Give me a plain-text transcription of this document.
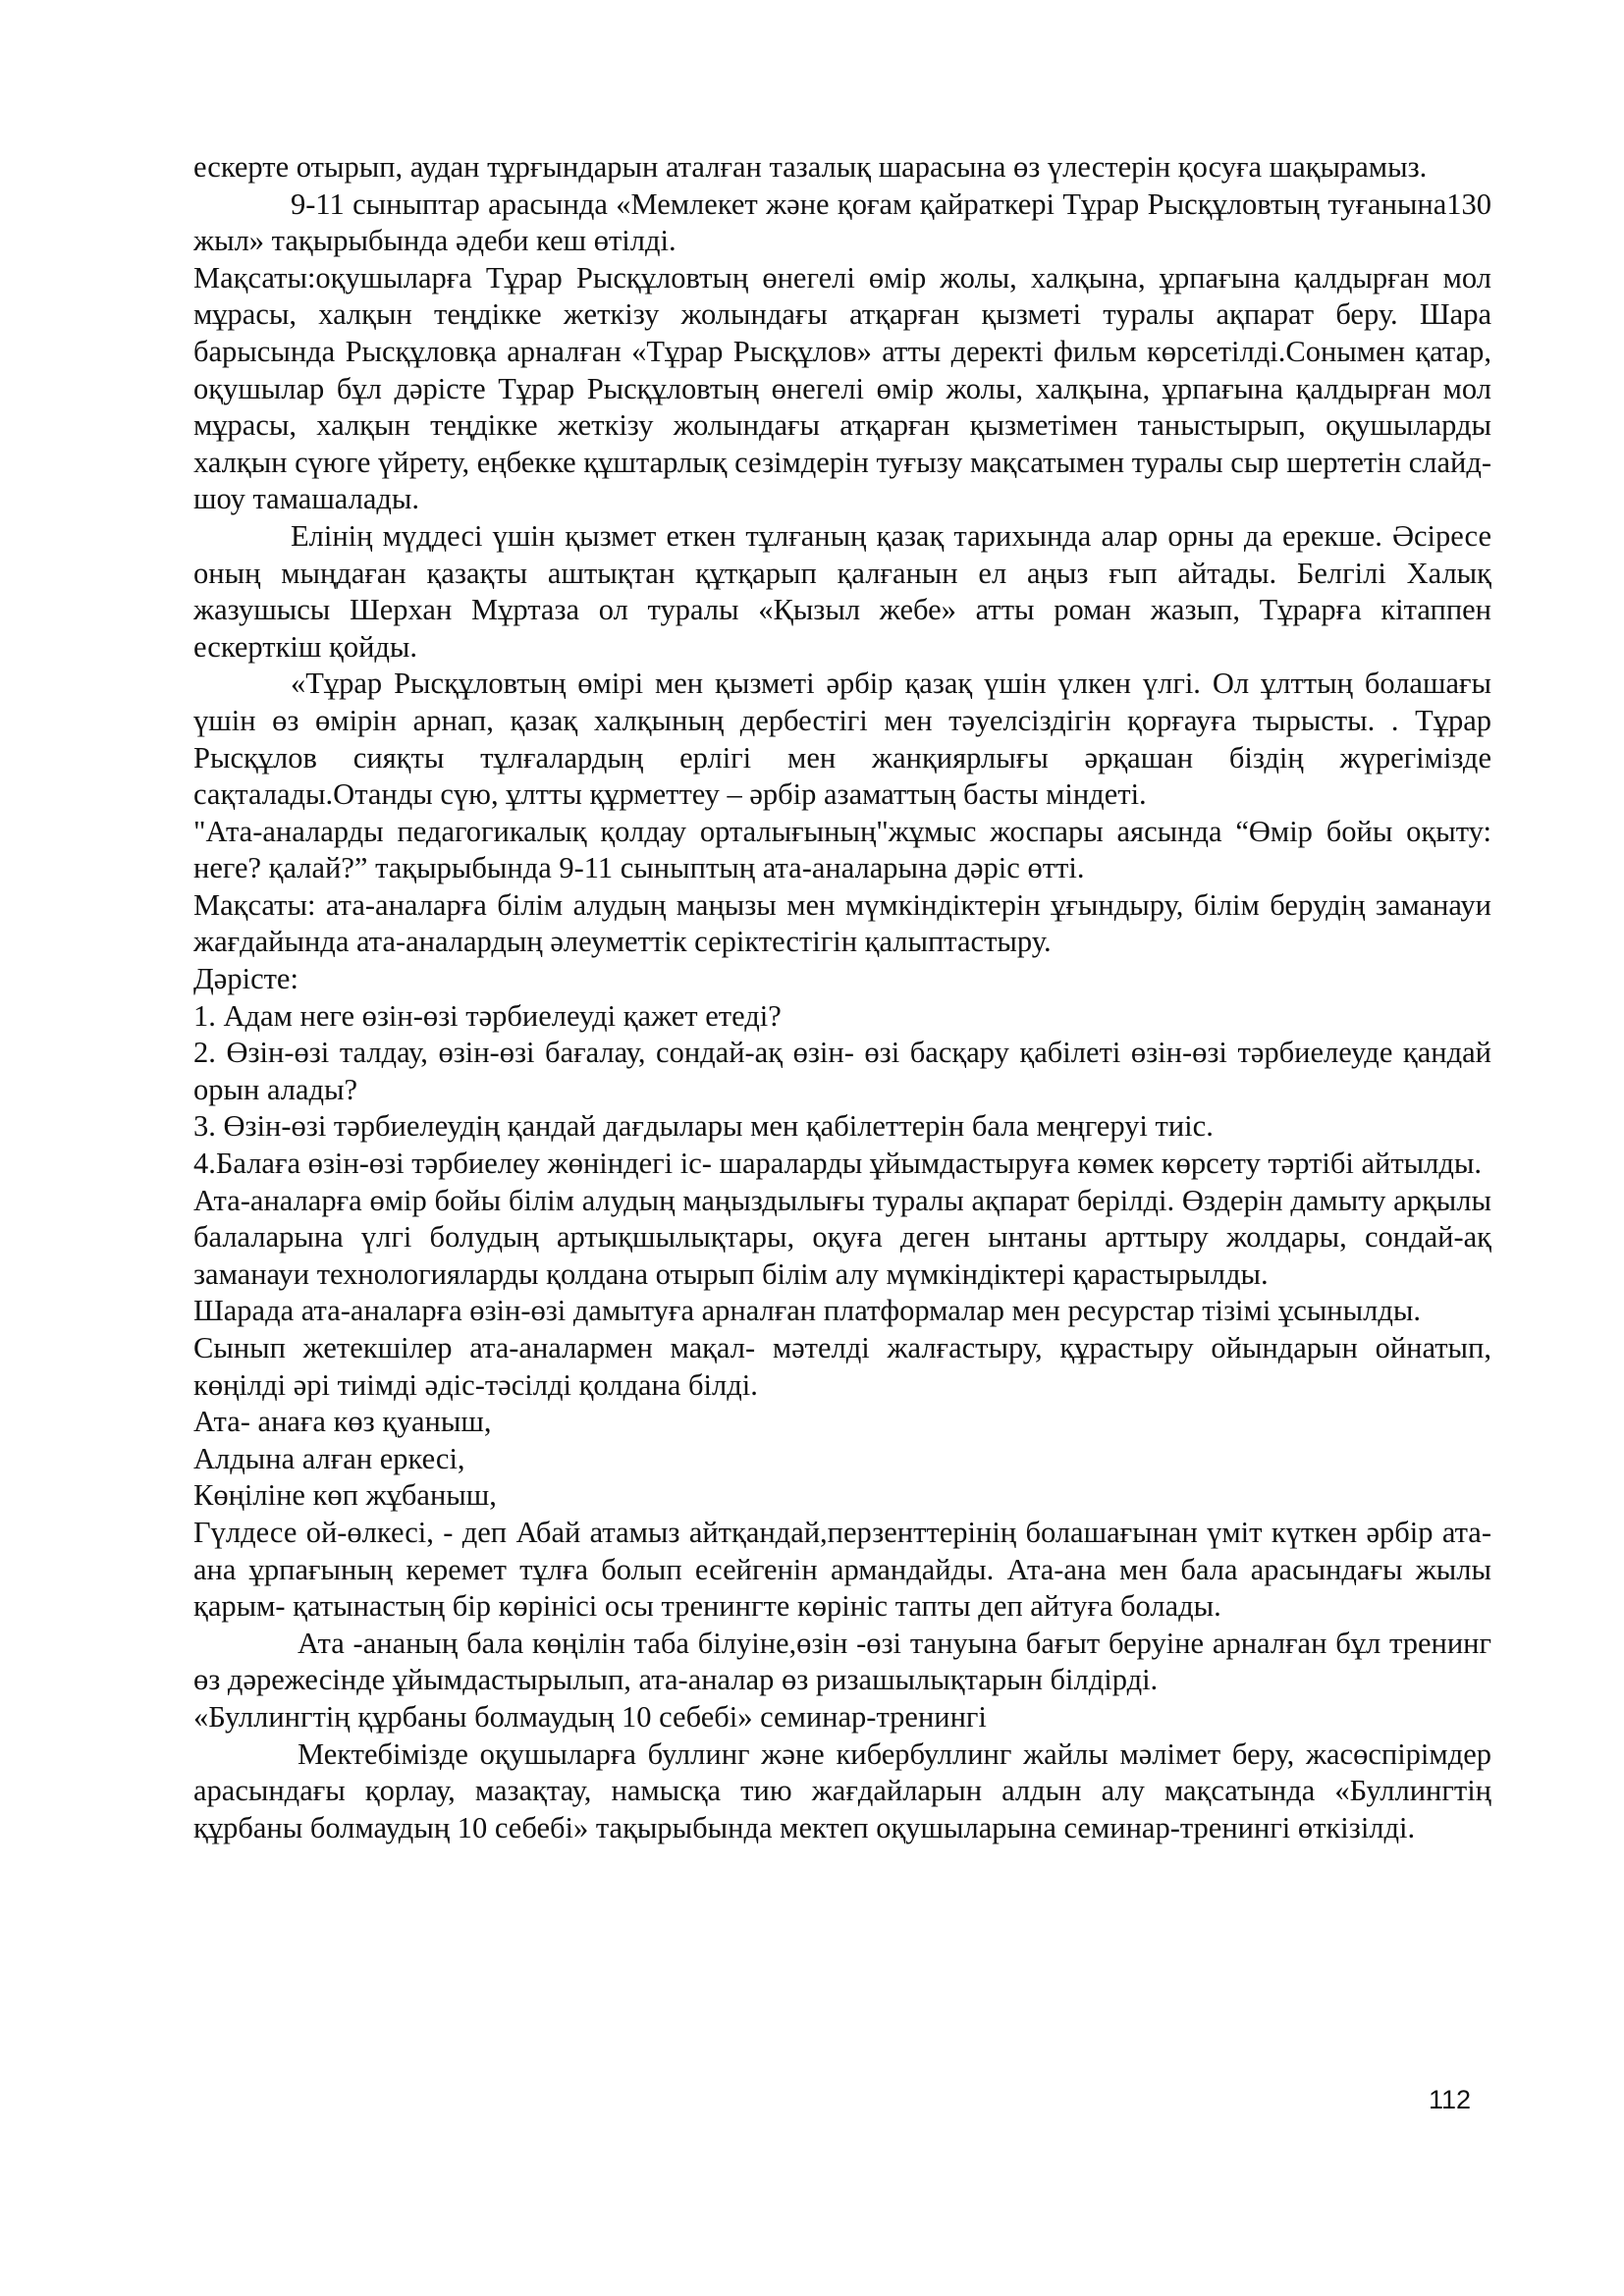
ескерте отырып, аудан тұрғындарын аталған тазалық шарасына өз үлестерін қосуға шақырамыз.

9-11 сыныптар арасында «Мемлекет және қоғам қайраткері Тұрар Рысқұловтың туғанына130 жыл» тақырыбында әдеби кеш өтілді.

Мақсаты:оқушыларға Тұрар Рысқұловтың өнегелі өмір жолы, халқына, ұрпағына қалдырған мол мұрасы, халқын теңдікке жеткізу жолындағы атқарған қызметі туралы ақпарат беру. Шара барысында Рысқұловқа арналған «Тұрар Рысқұлов» атты деректі фильм көрсетілді.Сонымен қатар, оқушылар бұл дәрісте Тұрар Рысқұловтың өнегелі өмір жолы, халқына, ұрпағына қалдырған мол мұрасы, халқын теңдікке жеткізу жолындағы атқарған қызметімен таныстырып, оқушыларды халқын сүюге үйрету, еңбекке құштарлық сезімдерін туғызу мақсатымен туралы сыр шертетін слайд-шоу тамашалады.

Елінің мүддесі үшін қызмет еткен тұлғаның қазақ тарихында алар орны да ерекше. Әсіресе оның мыңдаған қазақты аштықтан құтқарып қалғанын ел аңыз ғып айтады. Белгілі Халық жазушысы Шерхан Мұртаза ол туралы «Қызыл жебе» атты роман жазып, Тұрарға кітаппен ескерткіш қойды.

«Тұрар Рысқұловтың өмірі мен қызметі әрбір қазақ үшін үлкен үлгі. Ол ұлттың болашағы үшін өз өмірін арнап, қазақ халқының дербестігі мен тәуелсіздігін қорғауға тырысты. . Тұрар Рысқұлов сияқты тұлғалардың ерлігі мен жанқиярлығы әрқашан біздің жүрегімізде сақталады.Отанды сүю, ұлтты құрметтеу – әрбір азаматтың басты міндеті.

"Ата-аналарды педагогикалық қолдау орталығының"жұмыс жоспары аясында “Өмір бойы оқыту: неге? қалай?” тақырыбында 9-11 сыныптың ата-аналарына дәріс өтті.

Мақсаты: ата-аналарға білім алудың маңызы мен мүмкіндіктерін ұғындыру, білім берудің заманауи жағдайында ата-аналардың әлеуметтік серіктестігін қалыптастыру.

Дәрісте:

1. Адам неге өзін-өзі тәрбиелеуді қажет етеді?

2. Өзін-өзі талдау, өзін-өзі бағалау, сондай-ақ өзін- өзі басқару қабілеті өзін-өзі тәрбиелеуде қандай орын алады?

3. Өзін-өзі тәрбиелеудің қандай дағдылары мен қабілеттерін бала меңгеруі тиіс.

4.Балаға өзін-өзі тәрбиелеу жөніндегі іс- шараларды ұйымдастыруға көмек көрсету тәртібі айтылды.

Ата-аналарға өмір бойы білім алудың маңыздылығы туралы ақпарат берілді. Өздерін дамыту арқылы балаларына үлгі болудың артықшылықтары, оқуға деген ынтаны арттыру жолдары, сондай-ақ заманауи технологияларды қолдана отырып білім алу мүмкіндіктері қарастырылды.

Шарада ата-аналарға өзін-өзі дамытуға арналған платформалар мен ресурстар тізімі ұсынылды.

Сынып жетекшілер ата-аналармен мақал- мәтелді жалғастыру, құрастыру ойындарын ойнатып, көңілді әрі тиімді әдіс-тәсілді қолдана білді.

Ата- анаға көз қуаныш,

Алдына алған еркесі,

Көңіліне көп жұбаныш,

Гүлдесе ой-өлкесі, - деп Абай атамыз айтқандай,перзенттерінің болашағынан үміт күткен әрбір ата-ана ұрпағының керемет тұлға болып есейгенін армандайды. Ата-ана мен бала арасындағы жылы қарым- қатынастың бір көрінісі осы тренингте көрініс тапты деп айтуға болады.

Ата -ананың бала көңілін таба білуіне,өзін -өзі тануына бағыт беруіне арналған бұл тренинг өз дәрежесінде ұйымдастырылып, ата-аналар өз ризашылықтарын білдірді.

«Буллингтің құрбаны болмаудың 10 себебі» семинар-тренингі

Мектебімізде оқушыларға буллинг және кибербуллинг жайлы мәлімет беру, жасөспірімдер арасындағы қорлау, мазақтау, намысқа тию жағдайларын алдын алу мақсатында «Буллингтің құрбаны болмаудың 10 себебі» тақырыбында мектеп оқушыларына семинар-тренингі өткізілді.

112
